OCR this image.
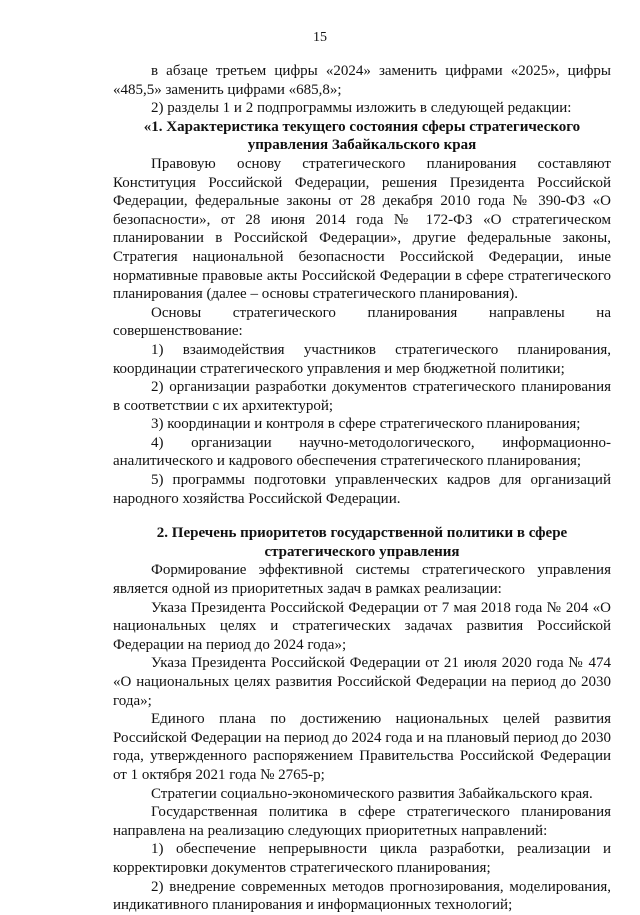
15

в абзаце третьем цифры «2024» заменить цифрами «2025», цифры «485,5» заменить цифрами «685,8»;

2) разделы 1 и 2 подпрограммы изложить в следующей редакции:

«1. Характеристика текущего состояния сферы стратегического управления Забайкальского края

Правовую основу стратегического планирования составляют Конституция Российской Федерации, решения Президента Российской Федерации, федеральные законы от 28 декабря 2010 года № 390-ФЗ «О безопасности», от 28 июня 2014 года № 172-ФЗ «О стратегическом планировании в Российской Федерации», другие федеральные законы, Стратегия национальной безопасности Российской Федерации, иные нормативные правовые акты Российской Федерации в сфере стратегического планирования (далее – основы стратегического планирования).

Основы стратегического планирования направлены на совершенствование:

1) взаимодействия участников стратегического планирования, координации стратегического управления и мер бюджетной политики;

2) организации разработки документов стратегического планирования в соответствии с их архитектурой;

3) координации и контроля в сфере стратегического планирования;

4) организации научно-методологического, информационно-аналитического и кадрового обеспечения стратегического планирования;

5) программы подготовки управленческих кадров для организаций народного хозяйства Российской Федерации.

2. Перечень приоритетов государственной политики в сфере стратегического управления

Формирование эффективной системы стратегического управления является одной из приоритетных задач в рамках реализации:

Указа Президента Российской Федерации от 7 мая 2018 года № 204 «О национальных целях и стратегических задачах развития Российской Федерации на период до 2024 года»;

Указа Президента Российской Федерации от 21 июля 2020 года № 474 «О национальных целях развития Российской Федерации на период до 2030 года»;

Единого плана по достижению национальных целей развития Российской Федерации на период до 2024 года и на плановый период до 2030 года, утвержденного распоряжением Правительства Российской Федерации от 1 октября 2021 года № 2765-р;

Стратегии социально-экономического развития Забайкальского края.

Государственная политика в сфере стратегического планирования направлена на реализацию следующих приоритетных направлений:

1) обеспечение непрерывности цикла разработки, реализации и корректировки документов стратегического планирования;

2) внедрение современных методов прогнозирования, моделирования, индикативного планирования и информационных технологий;
